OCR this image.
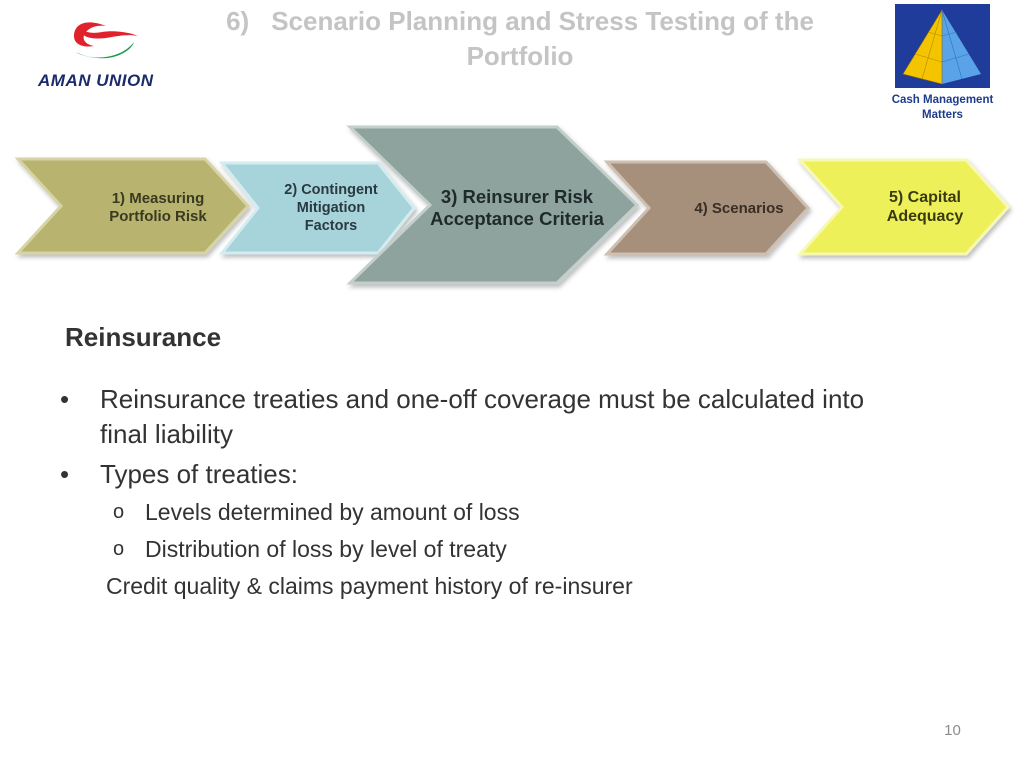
AMAN UNION
6) Scenario Planning and Stress Testing of the
Portfolio
Cash Management
Matters
1) Measuring
Portfolio Risk
2) Contingent
Mitigation
Factors
3) Reinsurer Risk
Acceptance Criteria	4) Scenarios
5) Capital
Adequacy
Reinsurance
• Reinsurance treaties and one-off coverage must be calculated into
final liability
• Types of treaties:
o Levels determined by amount of loss
o Distribution of loss by level of treaty
Credit quality & claims payment history of re-insurer
10
